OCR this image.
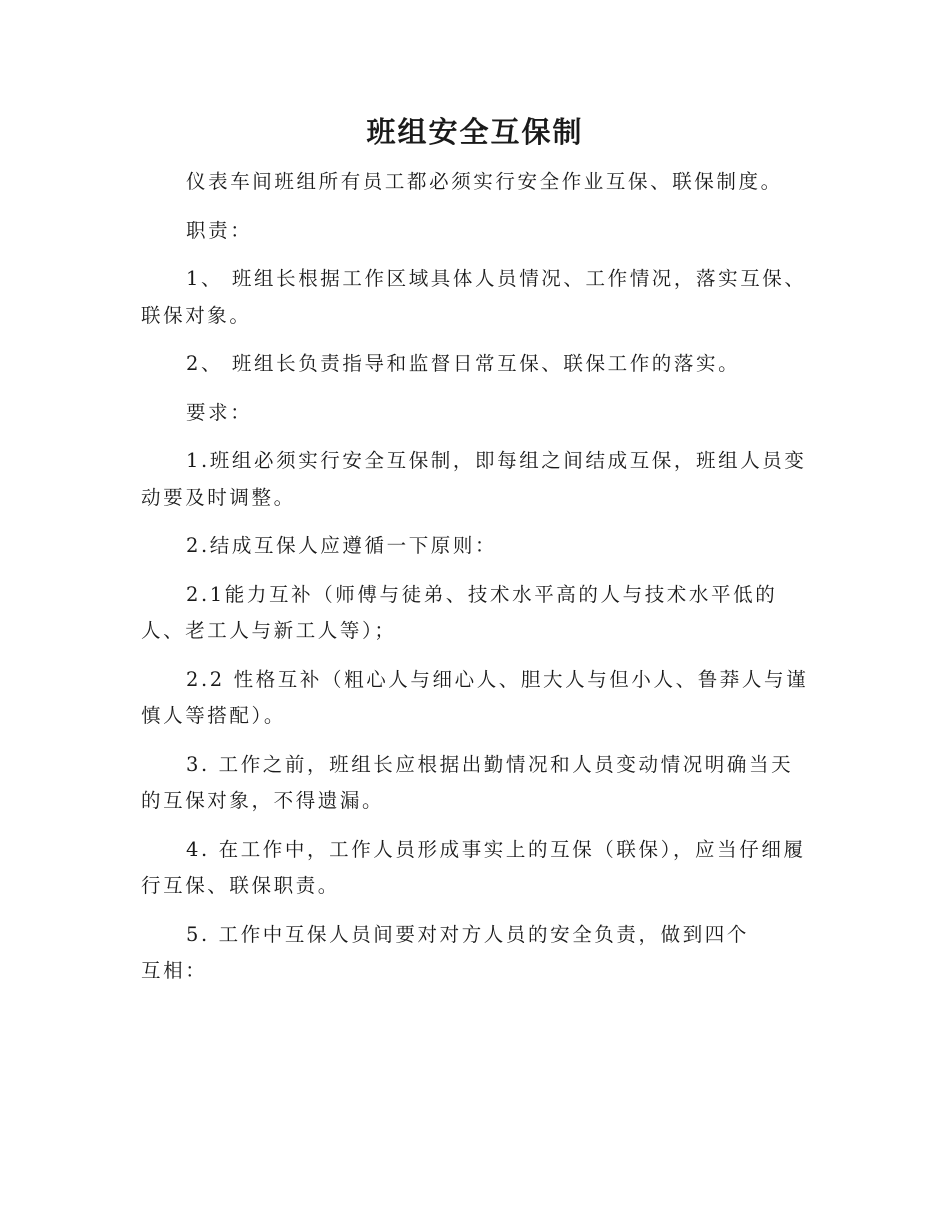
班组安全互保制

仪表车间班组所有员工都必须实行安全作业互保、联保制度。

职责：

1、 班组长根据工作区域具体人员情况、工作情况，落实互保、联保对象。

2、 班组长负责指导和监督日常互保、联保工作的落实。

要求：

1.班组必须实行安全互保制，即每组之间结成互保，班组人员变动要及时调整。

2.结成互保人应遵循一下原则：

2.1能力互补（师傅与徒弟、技术水平高的人与技术水平低的人、老工人与新工人等）；

2.2 性格互补（粗心人与细心人、胆大人与但小人、鲁莽人与谨慎人等搭配）。

3. 工作之前，班组长应根据出勤情况和人员变动情况明确当天的互保对象，不得遗漏。

4. 在工作中，工作人员形成事实上的互保（联保），应当仔细履行互保、联保职责。

5. 工作中互保人员间要对对方人员的安全负责，做到四个互相：
